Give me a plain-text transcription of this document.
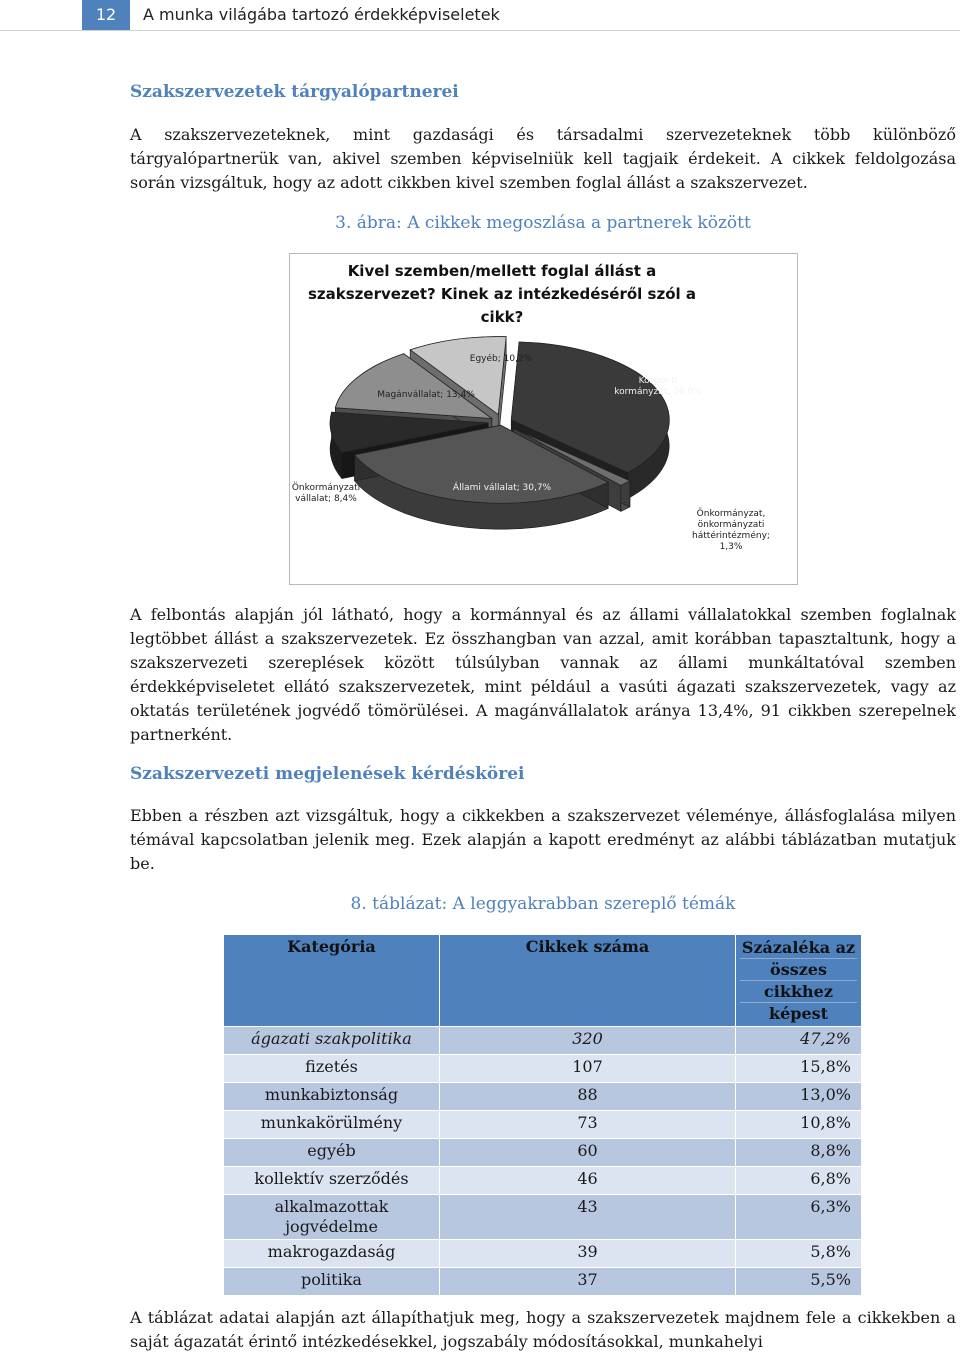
12	A munka világába tartozó érdekképviseletek
Szakszervezetek tárgyalópartnerei

A szakszervezeteknek, mint gazdasági és társadalmi szervezeteknek több különböző tárgyalópartnerük van, akivel szemben képviselniük kell tagjaik érdekeit. A cikkek feldolgozása során vizsgáltuk, hogy az adott cikkben kivel szemben foglal állást a szakszervezet.

3. ábra: A cikkek megoszlása a partnerek között

Kivel szemben/mellett foglal állást a
szakszervezet? Kinek az intézkedéséről szól a
cikk?
Központi
kormányzat; 36,0%
Önkormányzat,
önkormányzati
háttérintézmény;
1,3%
Állami vállalat; 30,7%
Önkormányzati
vállalat; 8,4%
Magánvállalat; 13,4%
Egyéb; 10,2%

A felbontás alapján jól látható, hogy a kormánnyal és az állami vállalatokkal szemben foglalnak legtöbbet állást a szakszervezetek. Ez összhangban van azzal, amit korábban tapasztaltunk, hogy a szakszervezeti szereplések között túlsúlyban vannak az állami munkáltatóval szemben érdekképviseletet ellátó szakszervezetek, mint például a vasúti ágazati szakszervezetek, vagy az oktatás területének jogvédő tömörülései. A magánvállalatok aránya 13,4%, 91 cikkben szerepelnek partnerként.

Szakszervezeti megjelenések kérdéskörei

Ebben a részben azt vizsgáltuk, hogy a cikkekben a szakszervezet véleménye, állásfoglalása milyen témával kapcsolatban jelenik meg. Ezek alapján a kapott eredményt az alábbi táblázatban mutatjuk be.

8. táblázat: A leggyakrabban szereplő témák

Kategória	Cikkek száma	Százaléka az
összes
cikkhez
képest

ágazati szakpolitika	320	47,2%
fizetés	107	15,8%
munkabiztonság	88	13,0%
munkakörülmény	73	10,8%
egyéb	60	8,8%
kollektív szerződés	46	6,8%
alkalmazottak jogvédelme	43	6,3%
makrogazdaság	39	5,8%
politika	37	5,5%

A táblázat adatai alapján azt állapíthatjuk meg, hogy a szakszervezetek majdnem fele a cikkekben a saját ágazatát érintő intézkedésekkel, jogszabály módosításokkal, munkahelyi
